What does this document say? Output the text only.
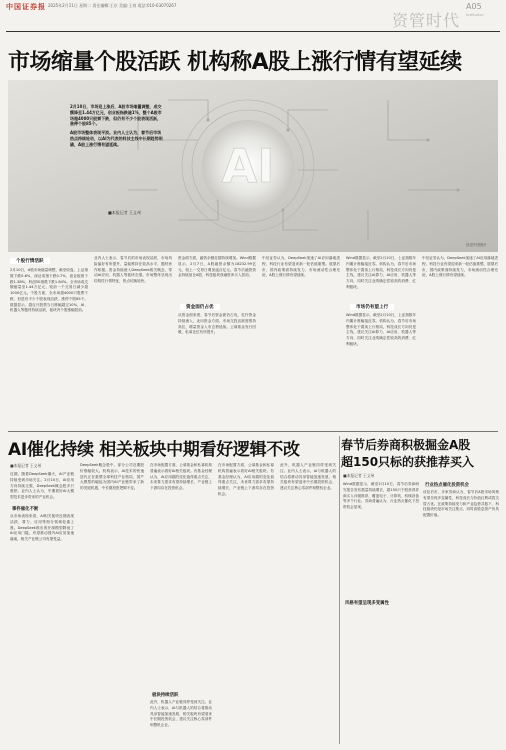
中国证券报 2025年2月11日 星期二 責任編輯:王京 美编:王春 電話:010-63070267
资管时代
A05
Institution
市场缩量个股活跃 机构称A股上涨行情有望延续
AI

2月10日，市场迎上涨后，A股市场缩量调整，成交额降至1.44万亿元，创业板指跌逾1%，整个A股市场超4000只股票下跌，但仍有不少个股表现活跃，涨停个股85个。

A股市场整体表现平淡。业内人士认为，春节后市场热点持续轮动，以AI为代表的科技主线中长期趋势明确，A股上涨行情有望延续。

■本报记者 王义州
视觉中国图片
个股行情活跃
2月10日，A股市场缩量调整，截至收盘，上证指数下跌0.6%，深证成指下跌0.7%，创业板指下跌1.38%，科创50指数下跌1.84%。全市场成交额缩量至1.44万亿元，较前一个交易日减少超1000亿元。个股方面，全市场超4000只股票下跌，但是有不少个股表现活跃，涨停个股85个。数据显示，超百只股票当日涨幅超过10%，AI、机器人等题材持续活跃，板块内个股涨幅居前。
业内人士表示，春节后的市场表现活跃，市场风险偏好有所提升，量能维持在较高水平，题材炒作积极。资金持续流入DeepSeek相关概念，带动AI应用、机器人等板块走强。市场整体呈现出结构性行情特征，热点切换较快。
资金面方面，融资余额近期持续增加。Wind数据显示，2月7日，A股融资余额为18232.99亿元，较上一交易日增加逾百亿元。春节后融资资金持续加仓A股，科技板块获融资净买入居前。
资金面仍占优
从资金面来看，春节后资金面仍占优，杠杆资金持续流入。北向资金方面，市场交投活跃度维持高位，增量资金入市态势延续。公募基金发行回暖，私募仓位有所提升。
中信证券认为，DeepSeek加速了AI应用落地进程，科技行业有望迎来新一轮估值重塑。展望后市，国内政策面持续发力，市场流动性合理充裕，A股上涨行情有望延续。
市场仍有望上行
Wind数据显示，截至2月10日，上证指数年内累计涨幅接近零。机构认为，春节后市场整体处于震荡上行格局，科技成长方向仍是主线，建议关注AI算力、AI应用、机器人等方向，同时关注业绩确定性较高的消费、红利板块。
Wind数据显示，截至2月10日，上证指数年内累计涨幅接近零。机构认为，春节后市场整体处于震荡上行格局，科技成长方向仍是主线，建议关注AI算力、AI应用、机器人等方向，同时关注业绩确定性较高的消费、红利板块。
中信证券认为，DeepSeek加速了AI应用落地进程，科技行业有望迎来新一轮估值重塑。展望后市，国内政策面持续发力，市场流动性合理充裕，A股上涨行情有望延续。
AI催化持续 相关板块中期看好逻辑不改
■本报记者 王义州
近期，随着DeepSeek爆火，AI产业链持续受到市场关注。2月10日，AI应用方向持续走强，DeepSeek概念股多只涨停。业内人士认为，中期看好AI大模型技术进步带来的产业机会。
事件催化不断
从市场表现来看，AI相关板块近期表现活跃，算力、应用等细分领域轮番上涨。DeepSeek推出的开源模型降低了AI应用门槛，有望推动国内AI应用加速落地，相关产业链公司有望受益。
DeepSeek概念股中，部分公司近期股价涨幅较大。机构表示，AI技术的快速迭代正在重塑全球科技产业格局，国产大模型的崛起为国内AI产业链带来了新的发展机遇，中长期投资逻辑不变。
在市场配置方面，公募基金和私募机构普遍表示看好AI相关板块。有基金经理认为，AI应用端的变化值得重点关注，未来算力需求有望持续增长，产业链上下游均存在投资机会。
板块持续活跃
此外，机器人产业链同样受到关注。业内人士表示，AI与机器人的结合将推动具身智能加速发展，相关板块有望迎来中长期投资机会，建议关注核心零部件和整机企业。
在市场配置方面，公募基金和私募机构普遍表示看好AI相关板块。有基金经理认为，AI应用端的变化值得重点关注，未来算力需求有望持续增长，产业链上下游均存在投资机会。
此外，机器人产业链同样受到关注。业内人士表示，AI与机器人的结合将推动具身智能加速发展，相关板块有望迎来中长期投资机会，建议关注核心零部件和整机企业。
春节后券商积极掘金A股
超150只标的获推荐买入
■本报记者 王义州
Wind数据显示，截至2月10日，春节后券商研究报告发布数量持续增长，超150只个股获得券商买入评级推荐，覆盖电子、计算机、机械设备等多个行业。券商普遍认为，行业热点催化下投资机会显现。
行业热点催化投资机会
谈及后市，多家券商认为，春节后A股市场风格有望呈现多变属性，科技成长与价值红利或将交替占优。在政策持续发力和产业趋势共振下，科技板块仍是市场关注焦点，同时高股息资产仍具配置价值。
风格有望呈现多变属性
